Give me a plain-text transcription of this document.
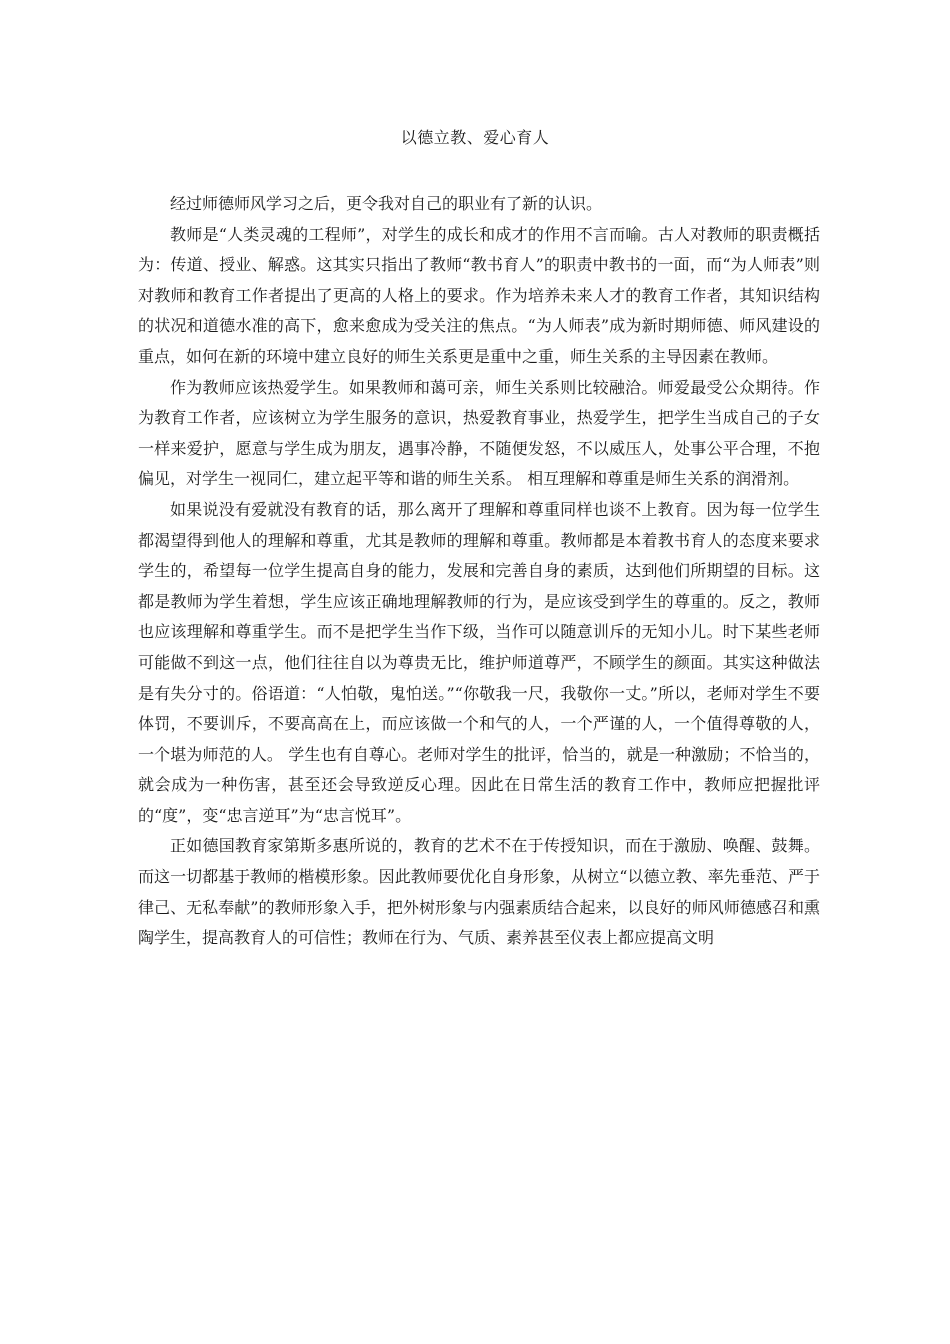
以德立教、爱心育人

经过师德师风学习之后，更令我对自己的职业有了新的认识。

教师是“人类灵魂的工程师”，对学生的成长和成才的作用不言而喻。古人对教师的职责概括为：传道、授业、解惑。这其实只指出了教师“教书育人”的职责中教书的一面，而“为人师表”则对教师和教育工作者提出了更高的人格上的要求。作为培养未来人才的教育工作者，其知识结构的状况和道德水准的高下，愈来愈成为受关注的焦点。“为人师表”成为新时期师德、师风建设的重点，如何在新的环境中建立良好的师生关系更是重中之重，师生关系的主导因素在教师。

作为教师应该热爱学生。如果教师和蔼可亲，师生关系则比较融洽。师爱最受公众期待。作为教育工作者，应该树立为学生服务的意识，热爱教育事业，热爱学生，把学生当成自己的子女一样来爱护，愿意与学生成为朋友，遇事冷静，不随便发怒，不以威压人，处事公平合理，不抱偏见，对学生一视同仁，建立起平等和谐的师生关系。 相互理解和尊重是师生关系的润滑剂。

如果说没有爱就没有教育的话，那么离开了理解和尊重同样也谈不上教育。因为每一位学生都渴望得到他人的理解和尊重，尤其是教师的理解和尊重。教师都是本着教书育人的态度来要求学生的，希望每一位学生提高自身的能力，发展和完善自身的素质，达到他们所期望的目标。这都是教师为学生着想，学生应该正确地理解教师的行为，是应该受到学生的尊重的。反之，教师也应该理解和尊重学生。而不是把学生当作下级，当作可以随意训斥的无知小儿。时下某些老师可能做不到这一点，他们往往自以为尊贵无比，维护师道尊严，不顾学生的颜面。其实这种做法是有失分寸的。俗语道：“人怕敬，鬼怕送。”“你敬我一尺，我敬你一丈。”所以，老师对学生不要体罚，不要训斥，不要高高在上，而应该做一个和气的人，一个严谨的人，一个值得尊敬的人，一个堪为师范的人。 学生也有自尊心。老师对学生的批评，恰当的，就是一种激励；不恰当的，就会成为一种伤害，甚至还会导致逆反心理。因此在日常生活的教育工作中，教师应把握批评的“度”，变“忠言逆耳”为“忠言悦耳”。

正如德国教育家第斯多惠所说的，教育的艺术不在于传授知识，而在于激励、唤醒、鼓舞。而这一切都基于教师的楷模形象。因此教师要优化自身形象，从树立“以德立教、率先垂范、严于律己、无私奉献”的教师形象入手，把外树形象与内强素质结合起来，以良好的师风师德感召和熏陶学生，提高教育人的可信性；教师在行为、气质、素养甚至仪表上都应提高文明
